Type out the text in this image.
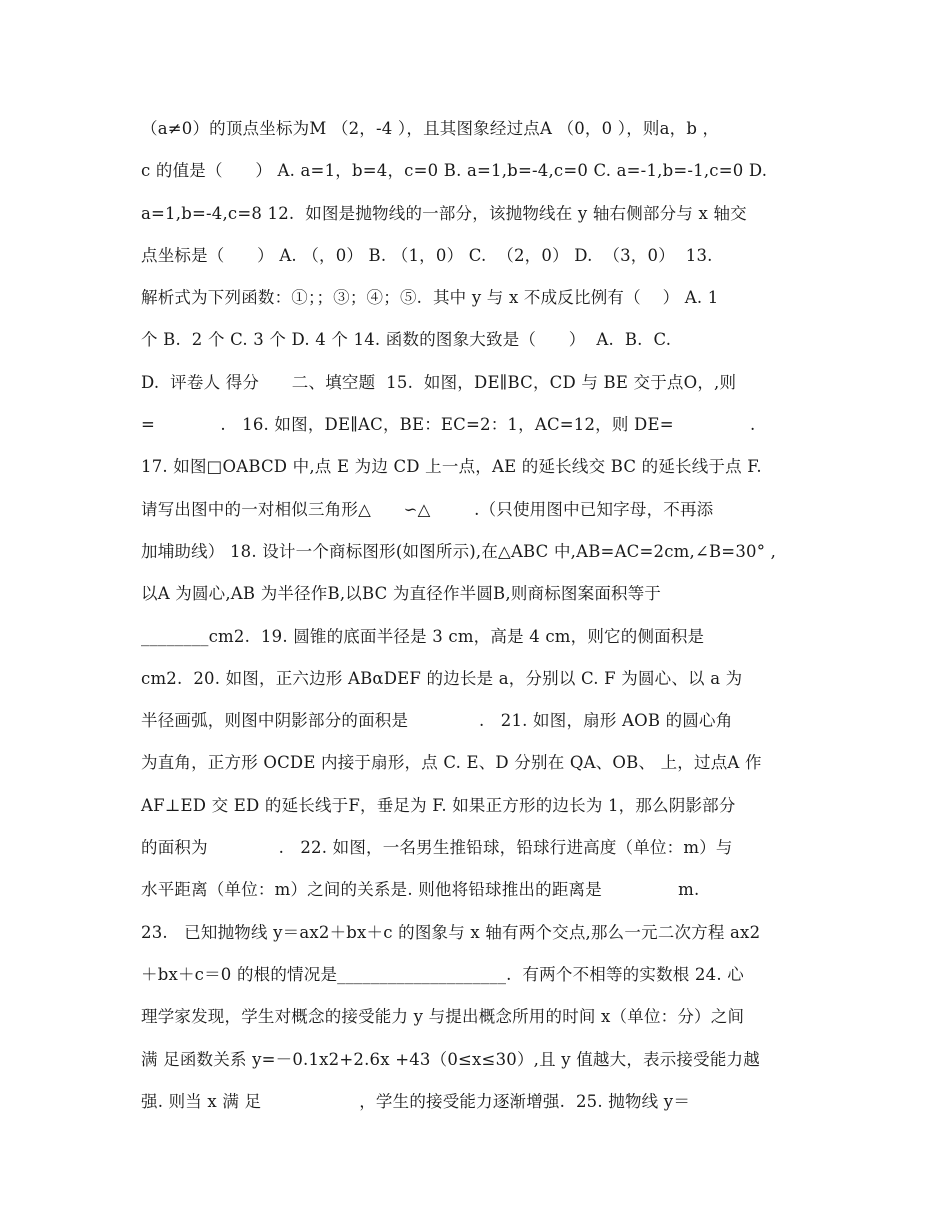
（a≠0）的顶点坐标为M （2，-4 ），且其图象经过点A （0，0 ），则a，b ，
c 的值是（      ） A. a=1，b=4，c=0 B. a=1,b=-4,c=0 C. a=-1,b=-1,c=0 D.
a=1,b=-4,c=8 12.  如图是抛物线的一部分，该抛物线在 y 轴右侧部分与 x 轴交
点坐标是（      ） A. （，0） B. （1，0） C.  （2，0） D.  （3，0）  13.
解析式为下列函数：①；；③；④；⑤.  其中 y 与 x 不成反比例有（    ） A. 1
个 B.  2 个 C. 3 个 D. 4 个 14. 函数的图象大致是（      ）  A.  B.  C.
D.  评卷人 得分      二、填空题  15.  如图，DE∥BC，CD 与 BE 交于点O，,则
=            .   16. 如图，DE∥AC，BE：EC=2：1，AC=12，则 DE=              .
17. 如图□OABCD 中,点 E 为边 CD 上一点，AE 的延长线交 BC 的延长线于点 F.
请写出图中的一对相似三角形△      ∽△        .（只使用图中已知字母，不再添
加埔助线） 18. 设计一个商标图形(如图所示),在△ABC 中,AB=AC=2cm,∠B=30° ,
以A 为圆心,AB 为半径作B,以BC 为直径作半圆B,则商标图案面积等于
________cm2.  19. 圆锥的底面半径是 3 cm，高是 4 cm，则它的侧面积是
cm2.  20. 如图，正六边形 ABαDEF 的边长是 a，分别以 C. F 为圆心、以 a 为
半径画弧，则图中阴影部分的面积是             .   21. 如图，扇形 AOB 的圆心角
为直角，正方形 OCDE 内接于扇形，点 C. E、D 分别在 QA、OB、 上，过点A 作
AF⊥ED 交 ED 的延长线于F，垂足为 F. 如果正方形的边长为 1，那么阴影部分
的面积为             .   22. 如图，一名男生推铅球，铅球行进高度（单位：m）与
水平距离（单位：m）之间的关系是. 则他将铅球推出的距离是              m.
23.   已知抛物线 y＝ax2＋bx＋c 的图象与 x 轴有两个交点,那么一元二次方程 ax2
＋bx＋c＝0 的根的情况是____________________.  有两个不相等的实数根 24. 心
理学家发现，学生对概念的接受能力 y 与提出概念所用的时间 x（单位：分）之间
满 足函数关系 y=－0.1x2+2.6x +43（0≤x≤30）,且 y 值越大，表示接受能力越
强. 则当 x 满 足                  ，学生的接受能力逐渐增强.  25. 抛物线 y＝
